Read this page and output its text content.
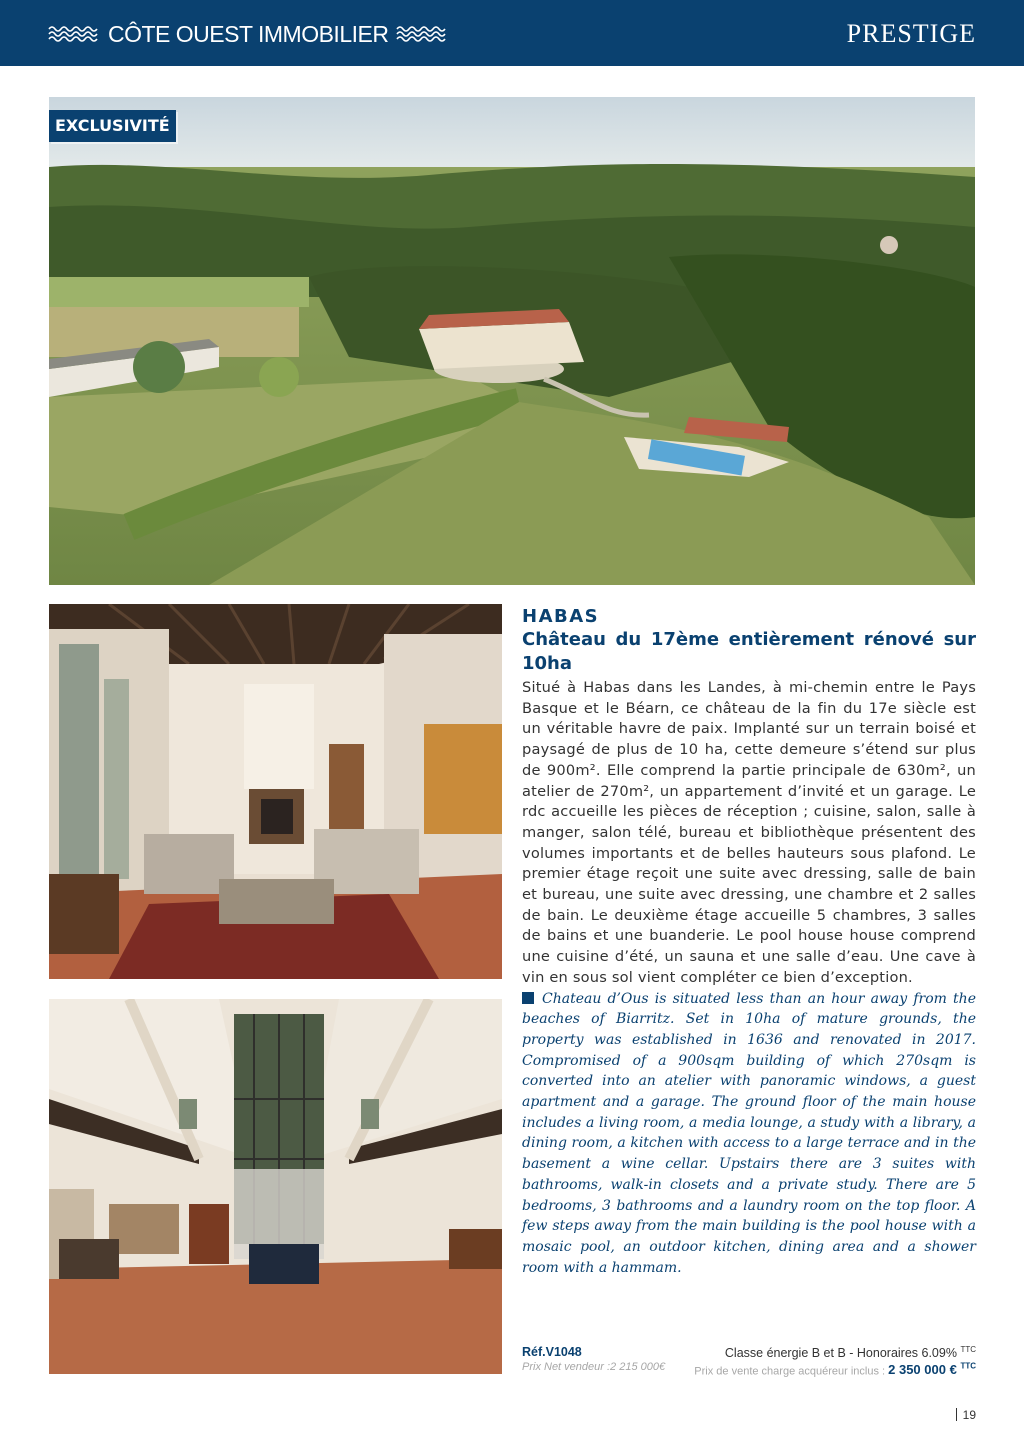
CÔTE OUEST IMMOBILIER	PRESTIGE
EXCLUSIVITÉ
HABAS
Château du 17ème entièrement rénové sur 10ha

Situé à Habas dans les Landes, à mi-chemin entre le Pays Basque et le Béarn, ce château de la fin du 17e siècle est un véritable havre de paix. Implanté sur un terrain boisé et paysagé de plus de 10 ha, cette demeure s’étend sur plus de 900m². Elle comprend la partie principale de 630m², un atelier de 270m², un appartement d’invité et un garage. Le rdc accueille les pièces de réception ; cuisine, salon, salle à manger, salon télé, bureau et bibliothèque présentent des volumes importants et de belles hauteurs sous plafond. Le premier étage reçoit une suite avec dressing, salle de bain et bureau, une suite avec dressing, une chambre et 2 salles de bain. Le deuxième étage accueille 5 chambres, 3 salles de bains et une buanderie. Le pool house house comprend une cuisine d’été, un sauna et une salle d’eau. Une cave à vin en sous sol vient compléter ce bien d’exception.

Chateau d’Ous is situated less than an hour away from the beaches of Biarritz. Set in 10ha of mature grounds, the property was established in 1636 and renovated in 2017. Compromised of a 900sqm building of which 270sqm is converted into an atelier with panoramic windows, a guest apartment and a garage. The ground floor of the main house includes a living room, a media lounge, a study with a library, a dining room, a kitchen with access to a large terrace and in the basement a wine cellar. Upstairs there are 3 suites with bathrooms, walk-in closets and a private study. There are 5 bedrooms, 3 bathrooms and a laundry room on the top floor. A few steps away from the main building is the pool house with a mosaic pool, an outdoor kitchen, dining area and a shower room with a hammam.

Réf.V1048
Prix Net vendeur :2 215 000€
Classe énergie B et B - Honoraires 6.09% $^{TTC}$
Prix de vente charge acquéreur inclus : 2 350 000 € $^{TTC}$
19
